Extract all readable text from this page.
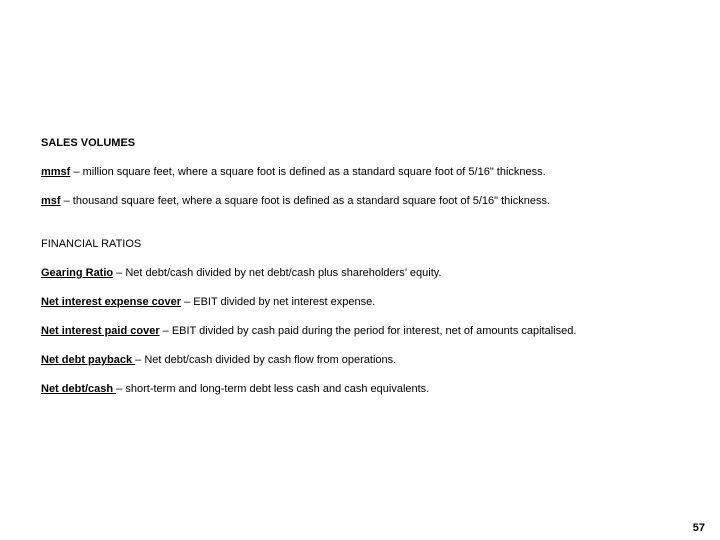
SALES VOLUMES

mmsf – million square feet, where a square foot is defined as a standard square foot of 5/16" thickness.

msf – thousand square feet, where a square foot is defined as a standard square foot of 5/16" thickness.

FINANCIAL RATIOS

Gearing Ratio – Net debt/cash divided by net debt/cash plus shareholders’ equity.

Net interest expense cover – EBIT divided by net interest expense.

Net interest paid cover – EBIT divided by cash paid during the period for interest, net of amounts capitalised.

Net debt payback – Net debt/cash divided by cash flow from operations.

Net debt/cash – short-term and long-term debt less cash and cash equivalents.

57
